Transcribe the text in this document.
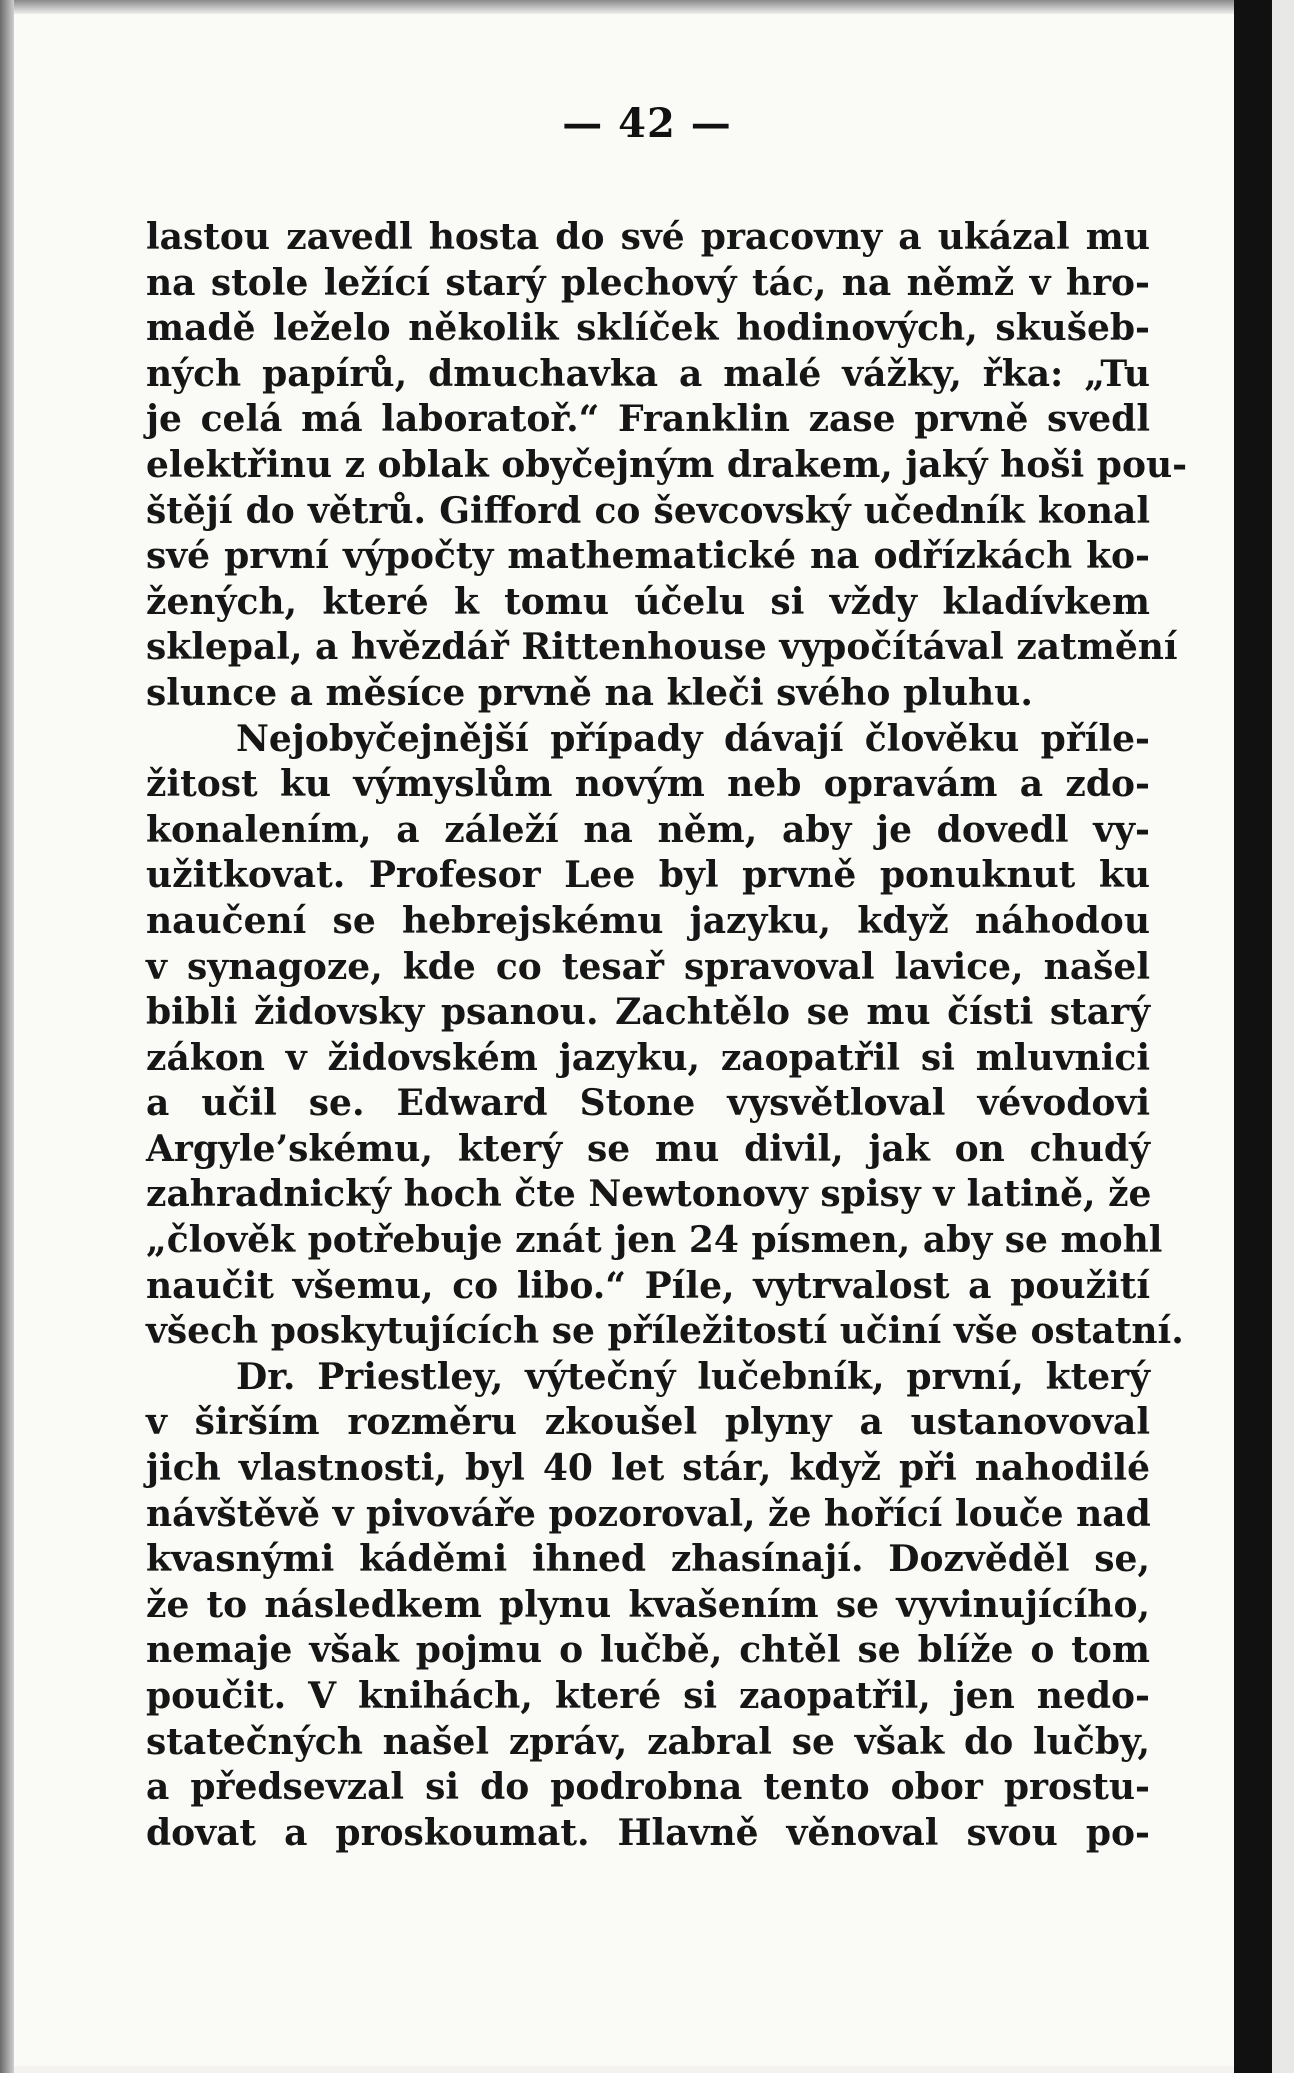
— 42 —
lastou zavedl hosta do své pracovny a ukázal mu
na stole ležící starý plechový tác, na němž v hro-
madě leželo několik sklíček hodinových, skušeb-
ných papírů, dmuchavka a malé vážky, řka: „Tu
je celá má laboratoř.“ Franklin zase prvně svedl
elektřinu z oblak obyčejným drakem, jaký hoši pou-
štějí do větrů. Gifford co ševcovský učedník konal
své první výpočty mathematické na odřízkách ko-
žených, které k tomu účelu si vždy kladívkem
sklepal, a hvězdář Rittenhouse vypočítával zatmění
slunce a měsíce prvně na kleči svého pluhu.
Nejobyčejnější případy dávají člověku příle-
žitost ku výmyslům novým neb opravám a zdo-
konalením, a záleží na něm, aby je dovedl vy-
užitkovat. Profesor Lee byl prvně ponuknut ku
naučení se hebrejskému jazyku, když náhodou
v synagoze, kde co tesař spravoval lavice, našel
bibli židovsky psanou. Zachtělo se mu čísti starý
zákon v židovském jazyku, zaopatřil si mluvnici
a učil se. Edward Stone vysvětloval vévodovi
Argyle’skému, který se mu divil, jak on chudý
zahradnický hoch čte Newtonovy spisy v latině, že
„člověk potřebuje znát jen 24 písmen, aby se mohl
naučit všemu, co libo.“ Píle, vytrvalost a použití
všech poskytujících se příležitostí učiní vše ostatní.
Dr. Priestley, výtečný lučebník, první, který
v širším rozměru zkoušel plyny a ustanovoval
jich vlastnosti, byl 40 let stár, když při nahodilé
návštěvě v pivováře pozoroval, že hořící louče nad
kvasnými káděmi ihned zhasínají. Dozvěděl se,
že to následkem plynu kvašením se vyvinujícího,
nemaje však pojmu o lučbě, chtěl se blíže o tom
poučit. V knihách, které si zaopatřil, jen nedo-
statečných našel zpráv, zabral se však do lučby,
a předsevzal si do podrobna tento obor prostu-
dovat a proskoumat. Hlavně věnoval svou po-
